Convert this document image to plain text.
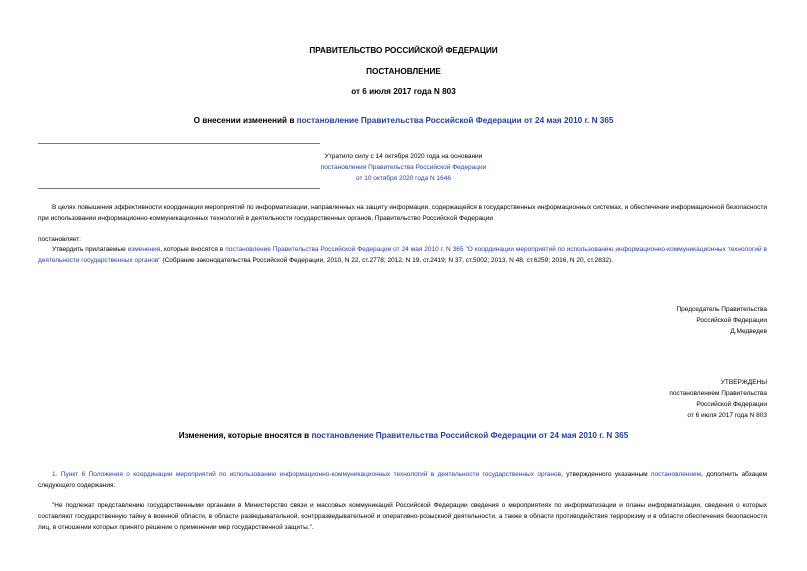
ПРАВИТЕЛЬСТВО РОССИЙСКОЙ ФЕДЕРАЦИИ

ПОСТАНОВЛЕНИЕ

от 6 июля 2017 года N 803

О внесении изменений в постановление Правительства Российской Федерации от 24 мая 2010 г. N 365

Утратило силу с 14 октября 2020 года на основании
постановления Правительства Российской Федерации
от 10 октября 2020 года N 1646

В целях повышения эффективности координации мероприятий по информатизации, направленных на защиту информации, содержащейся в государственных информационных системах, и обеспечение информационной безопасности при использовании информационно-коммуникационных технологий в деятельности государственных органов, Правительство Российской Федерации

постановляет:

Утвердить прилагаемые изменения, которые вносятся в постановление Правительства Российской Федерации от 24 мая 2010 г. N 365 "О координации мероприятий по использованию информационно-коммуникационных технологий в деятельности государственных органов" (Собрание законодательства Российской Федерации, 2010, N 22, ст.2778; 2012, N 19, ст.2419; N 37, ст.5002; 2013, N 48, ст.6259; 2016, N 20, ст.2832).

Председатель Правительства
Российской Федерации
Д.Медведев
УТВЕРЖДЕНЫ
постановлением Правительства
Российской Федерации
от 6 июля 2017 года N 803

Изменения, которые вносятся в постановление Правительства Российской Федерации от 24 мая 2010 г. N 365

1. Пункт 6 Положения о координации мероприятий по использованию информационно-коммуникационных технологий в деятельности государственных органов, утвержденного указанным постановлением, дополнить абзацем следующего содержания:

"Не подлежат представлению государственными органами в Министерство связи и массовых коммуникаций Российской Федерации сведения о мероприятиях по информатизации и планы информатизации, сведения о которых составляют государственную тайну в военной области, в области разведывательной, контрразведывательной и оперативно-розыскной деятельности, а также в области противодействия терроризму и в области обеспечения безопасности лиц, в отношении которых принято решение о применении мер государственной защиты.".
